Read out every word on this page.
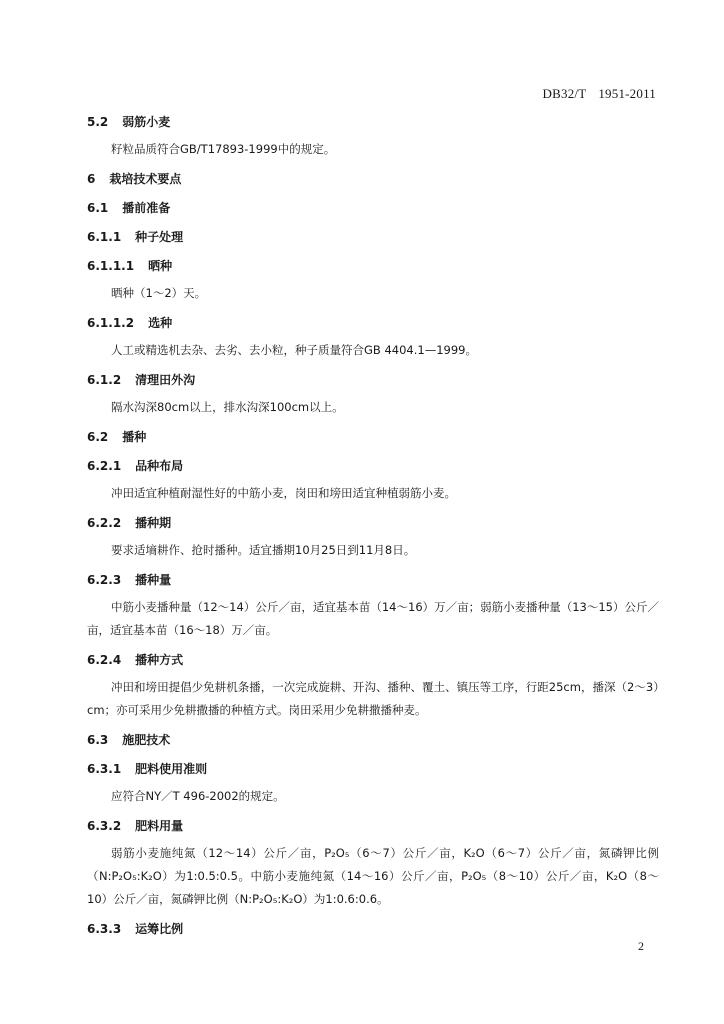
DB32/T 1951-2011
5.2 弱筋小麦
籽粒品质符合GB/T17893-1999中的规定。
6 栽培技术要点
6.1 播前准备
6.1.1 种子处理
6.1.1.1 晒种
晒种（1～2）天。
6.1.1.2 选种
人工或精选机去杂、去劣、去小粒，种子质量符合GB 4404.1—1999。
6.1.2 清理田外沟
隔水沟深80cm以上，排水沟深100cm以上。
6.2 播种
6.2.1 品种布局
冲田适宜种植耐湿性好的中筋小麦，岗田和塝田适宜种植弱筋小麦。
6.2.2 播种期
要求适墒耕作、抢时播种。适宜播期10月25日到11月8日。
6.2.3 播种量
中筋小麦播种量（12～14）公斤／亩，适宜基本苗（14～16）万／亩；弱筋小麦播种量（13～15）公斤／亩，适宜基本苗（16～18）万／亩。
6.2.4 播种方式
冲田和塝田提倡少免耕机条播，一次完成旋耕、开沟、播种、覆土、镇压等工序，行距25cm，播深（2～3）cm；亦可采用少免耕撒播的种植方式。岗田采用少免耕撒播种麦。
6.3 施肥技术
6.3.1 肥料使用准则
应符合NY／T 496-2002的规定。
6.3.2 肥料用量
弱筋小麦施纯氮（12～14）公斤／亩，P₂O₅（6～7）公斤／亩，K₂O（6～7）公斤／亩，氮磷钾比例（N:P₂O₅:K₂O）为1:0.5:0.5。中筋小麦施纯氮（14～16）公斤／亩，P₂O₅（8～10）公斤／亩，K₂O（8～10）公斤／亩，氮磷钾比例（N:P₂O₅:K₂O）为1:0.6:0.6。
6.3.3 运筹比例
2
